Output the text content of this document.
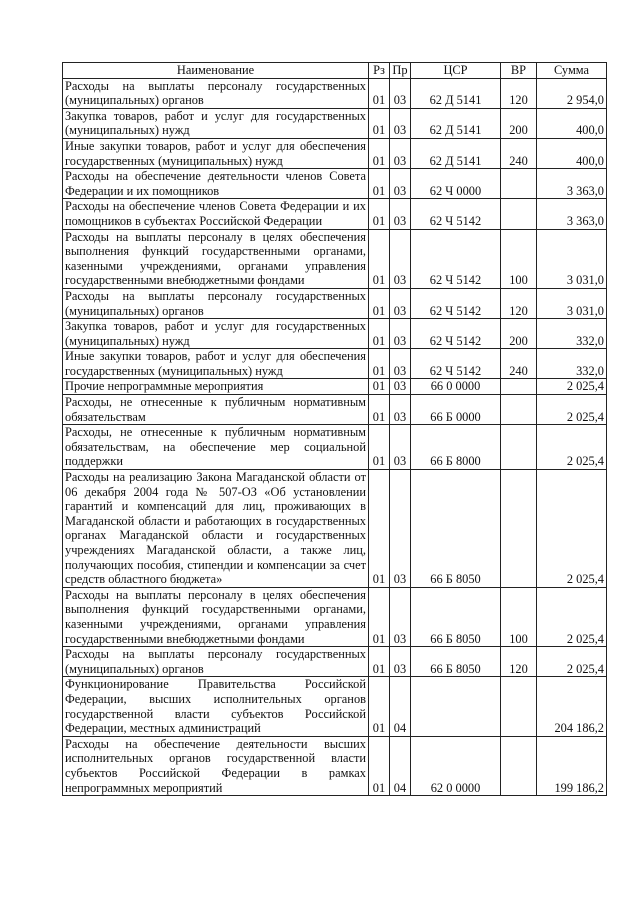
Наименование	Рз	Пр	ЦСР	ВР	Сумма
Расходы на выплаты персоналу государственных (муниципальных) органов	01	03	62 Д 5141	120	2 954,0
Закупка товаров, работ и услуг для государственных (муниципальных) нужд	01	03	62 Д 5141	200	400,0
Иные закупки товаров, работ и услуг для обеспечения государственных (муниципальных) нужд	01	03	62 Д 5141	240	400,0
Расходы на обеспечение деятельности членов Совета Федерации и их помощников	01	03	62 Ч 0000		3 363,0
Расходы на обеспечение членов Совета Федерации и их помощников в субъектах Российской Федерации	01	03	62 Ч 5142		3 363,0
Расходы на выплаты персоналу в целях обеспечения выполнения функций государственными органами, казенными учреждениями, органами управления государственными внебюджетными фондами	01	03	62 Ч 5142	100	3 031,0
Расходы на выплаты персоналу государственных (муниципальных) органов	01	03	62 Ч 5142	120	3 031,0
Закупка товаров, работ и услуг для государственных (муниципальных) нужд	01	03	62 Ч 5142	200	332,0
Иные закупки товаров, работ и услуг для обеспечения государственных (муниципальных) нужд	01	03	62 Ч 5142	240	332,0
Прочие непрограммные мероприятия	01	03	66 0 0000		2 025,4
Расходы, не отнесенные к публичным нормативным обязательствам	01	03	66 Б 0000		2 025,4
Расходы, не отнесенные к публичным нормативным обязательствам, на обеспечение мер социальной поддержки	01	03	66 Б 8000		2 025,4
Расходы на реализацию Закона Магаданской области от 06 декабря 2004 года № 507-ОЗ «Об установлении гарантий и компенсаций для лиц, проживающих в Магаданской области и работающих в государственных органах Магаданской области и государственных учреждениях Магаданской области, а также лиц, получающих пособия, стипендии и компенсации за счет средств областного бюджета»	01	03	66 Б 8050		2 025,4
Расходы на выплаты персоналу в целях обеспечения выполнения функций государственными органами, казенными учреждениями, органами управления государственными внебюджетными фондами	01	03	66 Б 8050	100	2 025,4
Расходы на выплаты персоналу государственных (муниципальных) органов	01	03	66 Б 8050	120	2 025,4
Функционирование Правительства Российской Федерации, высших исполнительных органов государственной власти субъектов Российской Федерации, местных администраций	01	04			204 186,2
Расходы на обеспечение деятельности высших исполнительных органов государственной власти субъектов Российской Федерации в рамках непрограммных мероприятий	01	04	62 0 0000		199 186,2
